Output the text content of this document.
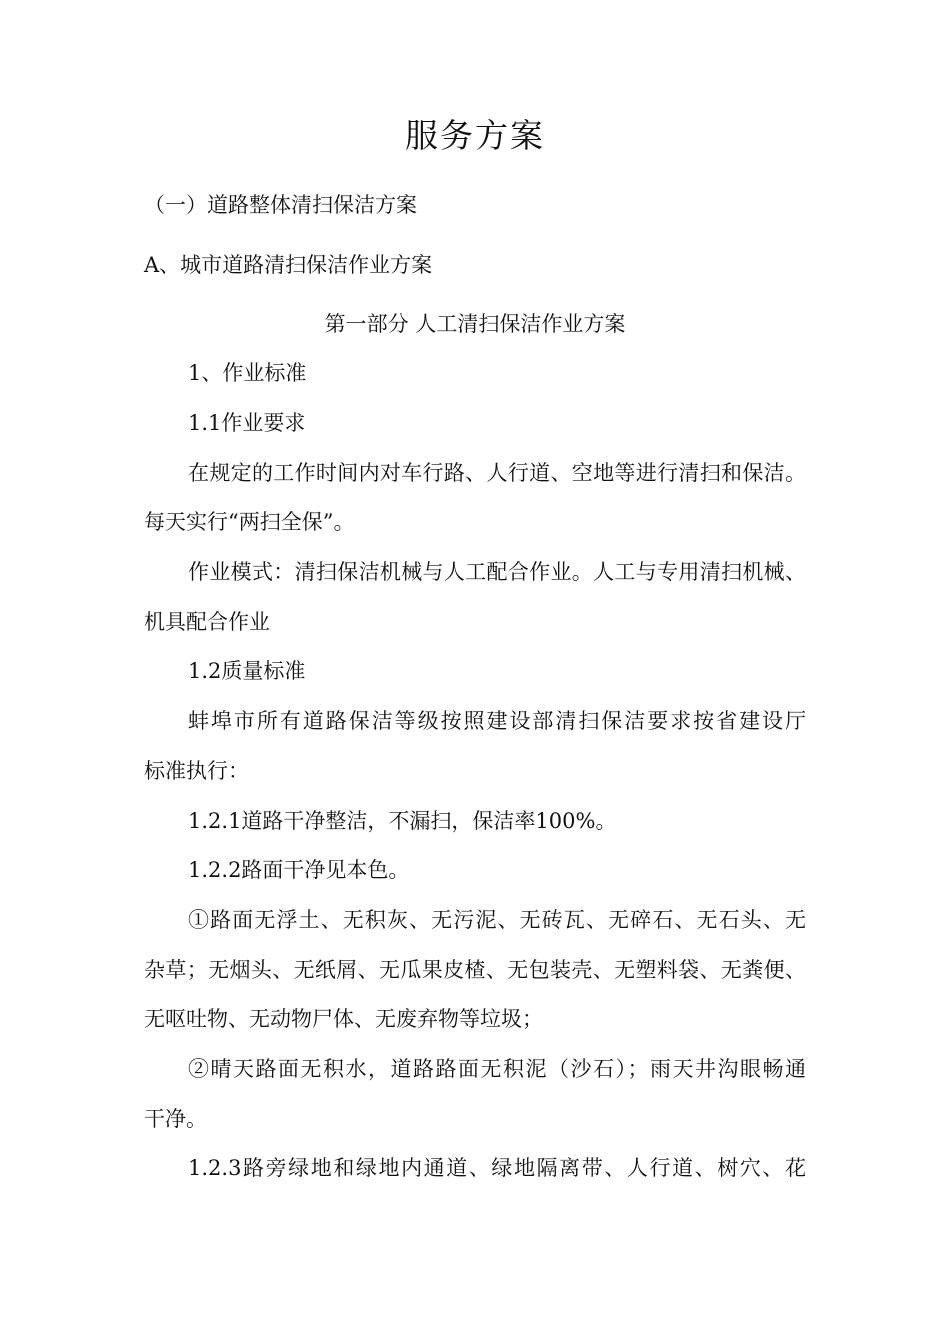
服务方案
（一）道路整体清扫保洁方案
A、城市道路清扫保洁作业方案
第一部分 人工清扫保洁作业方案
1、作业标准
1.1作业要求
在规定的工作时间内对车行路、人行道、空地等进行清扫和保洁。
每天实行“两扫全保”。
作业模式：清扫保洁机械与人工配合作业。人工与专用清扫机械、
机具配合作业
1.2质量标准
蚌埠市所有道路保洁等级按照建设部清扫保洁要求按省建设厅
标准执行：
1.2.1道路干净整洁，不漏扫，保洁率100%。
1.2.2路面干净见本色。
①路面无浮土、无积灰、无污泥、无砖瓦、无碎石、无石头、无
杂草；无烟头、无纸屑、无瓜果皮楂、无包装壳、无塑料袋、无粪便、
无呕吐物、无动物尸体、无废弃物等垃圾；
②晴天路面无积水，道路路面无积泥（沙石）；雨天井沟眼畅通
干净。
1.2.3路旁绿地和绿地内通道、绿地隔离带、人行道、树穴、花
